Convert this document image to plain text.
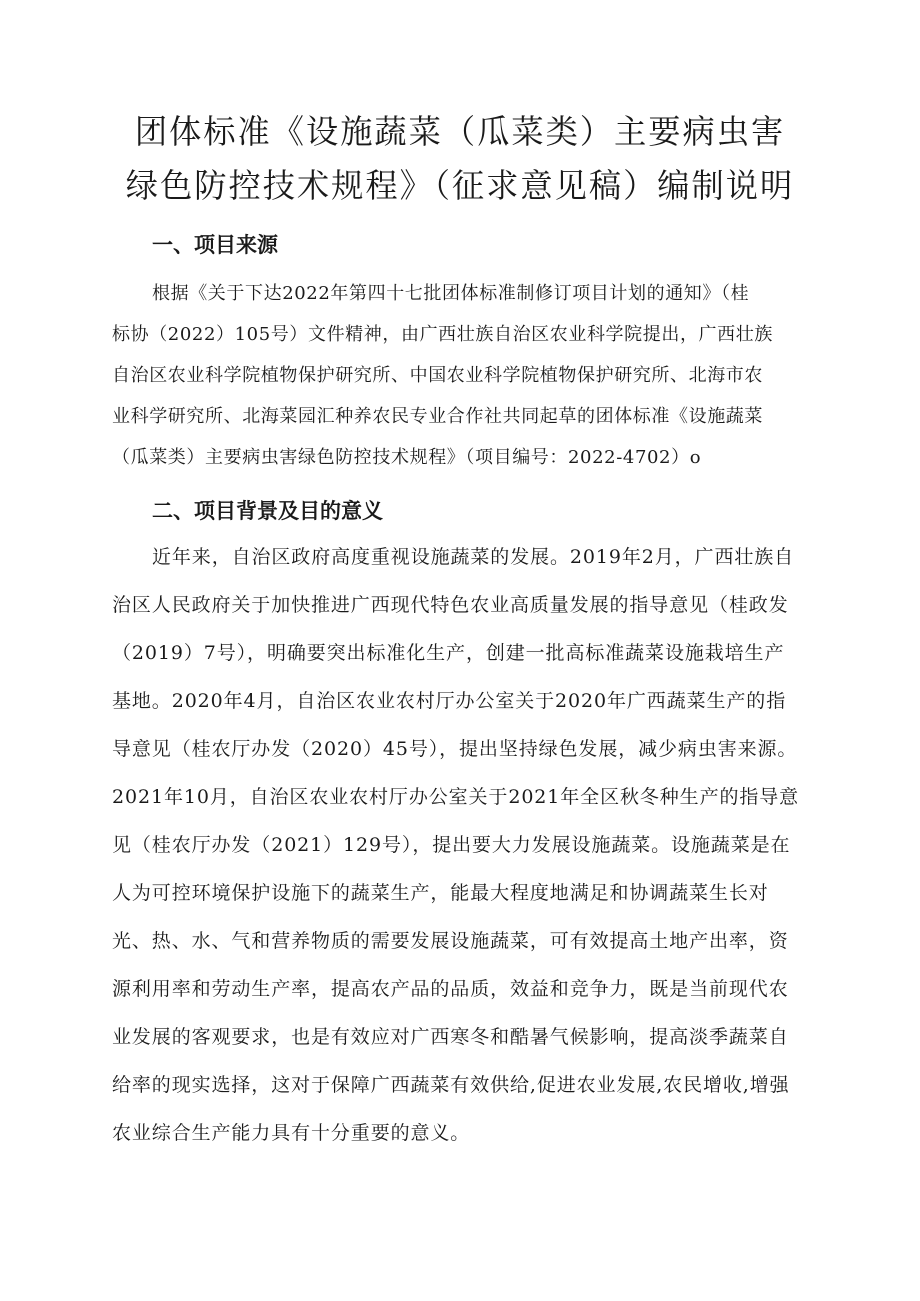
团体标准《设施蔬菜（瓜菜类）主要病虫害
绿色防控技术规程》（征求意见稿）编制说明
一、项目来源
根据《关于下达2022年第四十七批团体标准制修订项目计划的通知》（桂
标协（2022）105号）文件精神，由广西壮族自治区农业科学院提出，广西壮族
自治区农业科学院植物保护研究所、中国农业科学院植物保护研究所、北海市农
业科学研究所、北海菜园汇种养农民专业合作社共同起草的团体标准《设施蔬菜
（瓜菜类）主要病虫害绿色防控技术规程》（项目编号：2022-4702）o
二、项目背景及目的意义
近年来，自治区政府高度重视设施蔬菜的发展。2019年2月，广西壮族自
治区人民政府关于加快推进广西现代特色农业高质量发展的指导意见（桂政发
（2019）7号），明确要突出标准化生产，创建一批高标准蔬菜设施栽培生产
基地。2020年4月，自治区农业农村厅办公室关于2020年广西蔬菜生产的指
导意见（桂农厅办发（2020）45号），提出坚持绿色发展，减少病虫害来源。
2021年10月，自治区农业农村厅办公室关于2021年全区秋冬种生产的指导意
见（桂农厅办发（2021）129号），提出要大力发展设施蔬菜。设施蔬菜是在
人为可控环境保护设施下的蔬菜生产，能最大程度地满足和协调蔬菜生长对
光、热、水、气和营养物质的需要发展设施蔬菜，可有效提高土地产出率，资
源利用率和劳动生产率，提高农产品的品质，效益和竞争力，既是当前现代农
业发展的客观要求，也是有效应对广西寒冬和酷暑气候影响，提高淡季蔬菜自
给率的现实选择，这对于保障广西蔬菜有效供给,促进农业发展,农民增收,增强
农业综合生产能力具有十分重要的意义。
